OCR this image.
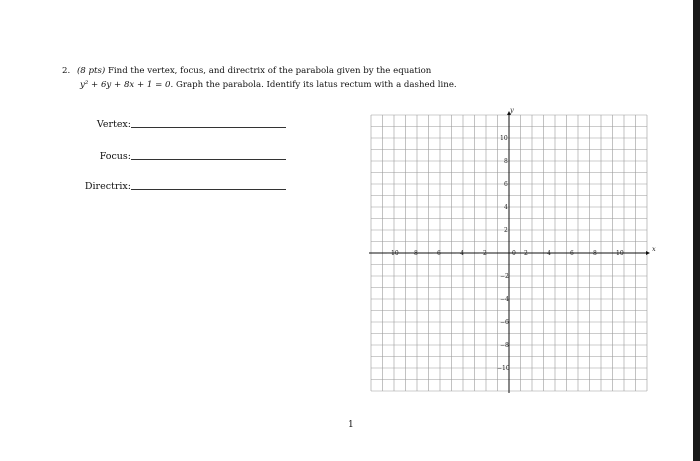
2. (8 pts) Find the vertex, focus, and directrix of the parabola given by the equation
y² + 6y + 8x + 1 = 0. Graph the parabola. Identify its latus rectum with a dashed line.
Vertex:
Focus:
Directrix:
x
y
−10 −8 −6 −4 −2	0 2	4	6	8	10
10
8
6
4
2
−2
−4
−6
−8
−10
1
